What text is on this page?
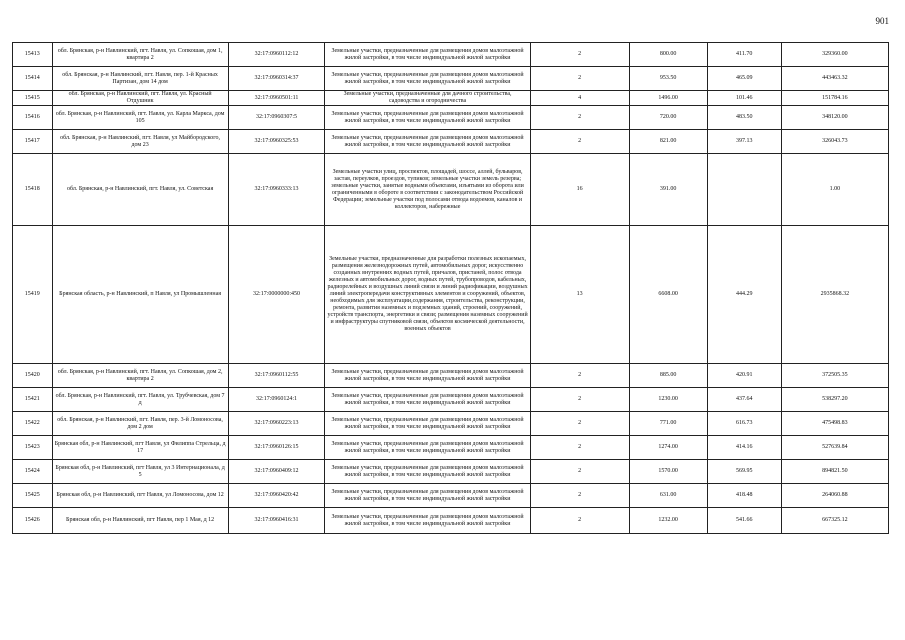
901
15413	обл. Брянская, р-н Навлинский, пгт. Навля, ул. Сопкошая, дом 1, квартира 2	32:17:0960112:12	Земельные участки, предназначенные для размещения домов малоэтажной жилой застройки, в том числе индивидуальной жилой застройки	2	800.00	411.70	329360.00
15414	обл. Брянская, р-н Навлинский, пгт. Навля, пер. 1-й Красных Партизан, дом 14 дом	32:17:0960314:37	Земельные участки, предназначенные для размещения домов малоэтажной жилой застройки, в том числе индивидуальной жилой застройки	2	953.50	465.09	443463.32
15415	обл. Брянская, р-н Навлинский, пгт. Навля, ул. Красный Отдушник	32:17:0960501:11	Земельные участки, предназначенные для дачного строительства, садоводства и огородничества	4	1496.00	101.46	151784.16
15416	обл. Брянская, р-н Навлинский, пгт. Навля, ул. Карла Маркса, дом 105	32:17:0960307:5	Земельные участки, предназначенные для размещения домов малоэтажной жилой застройки, в том числе индивидуальной жилой застройки	2	720.00	483.50	348120.00
15417	обл. Брянская, р-н Навлинский, пгт. Навля, ул Майбородского, дом 23	32:17:0960325:53	Земельные участки, предназначенные для размещения домов малоэтажной жилой застройки, в том числе индивидуальной жилой застройки	2	821.00	397.13	326043.73
15418	обл. Брянская, р-н Навлинский, пгт. Навля, ул. Советская	32:17:0960333:13	Земельные участки улиц, проспектов, площадей, шоссе, аллей, бульваров, застав, переулков, проездов, тупиков; земельные участки земель резерва; земельные участки, занятые водными объектами, изъятыми из оборота или ограниченными в обороте в соответствии с законодательством Российской Федерации; земельные участки под полосами отвода водоемов, каналов и коллекторов, набережные	16	391.00		1.00
15419	Брянская область, р-н Навлинский, п Навля, ул Промышленная	32:17:0000000:450	Земельные участки, предназначенные для разработки полезных ископаемых, размещения железнодорожных путей, автомобильных дорог, искусственно созданных внутренних водных путей, причалов, пристаней, полос отвода железных и автомобильных дорог, водных путей, трубопроводов, кабельных, радиорелейных и воздушных линий связи и линий радиофикации, воздушных линий электропередачи конструктивных элементов и сооружений, объектов, необходимых для эксплуатации,содержания, строительства, реконструкции, ремонта, развития наземных и подземных зданий, строений, сооружений, устройств транспорта, энергетики и связи; размещения наземных сооружений и инфраструктуры спутниковой связи, объектов космической деятельности, военных объектов	13	6608.00	444.29	2935868.32
15420	обл. Брянская, р-н Навлинский, пгт. Навля, ул. Сопкошая, дом 2, квартира 2	32:17:0960112:55	Земельные участки, предназначенные для размещения домов малоэтажной жилой застройки, в том числе индивидуальной жилой застройки	2	885.00	420.91	372505.35
15421	обл. Брянская, р-н Навлинский, пгт. Навля, ул. Трубчевская, дом 7 д	32:17:0960124:1	Земельные участки, предназначенные для размещения домов малоэтажной жилой застройки, в том числе индивидуальной жилой застройки	2	1230.00	437.64	538297.20
15422	обл. Брянская, р-н Навлинский, пгт. Навля, пер. 3-й Ломоносова, дом 2 дом	32:17:0960223:13	Земельные участки, предназначенные для размещения домов малоэтажной жилой застройки, в том числе индивидуальной жилой застройки	2	771.00	616.73	475498.83
15423	Брянская обл, р-н Навлинский, пгт Навля, ул Филиппа Стрельца, д 17	32:17:0960126:15	Земельные участки, предназначенные для размещения домов малоэтажной жилой застройки, в том числе индивидуальной жилой застройки	2	1274.00	414.16	527639.84
15424	Брянская обл, р-н Навлинский, пгт Навля, ул 3 Интернационала, д 5	32:17:0960409:12	Земельные участки, предназначенные для размещения домов малоэтажной жилой застройки, в том числе индивидуальной жилой застройки	2	1570.00	569.95	894821.50
15425	Брянская обл, р-н Навлинский, пгт Навля, ул Ломоносова, дом 12	32:17:0960420:42	Земельные участки, предназначенные для размещения домов малоэтажной жилой застройки, в том числе индивидуальной жилой застройки	2	631.00	418.48	264060.88
15426	Брянская обл, р-н Навлинский, пгт Навля, пер 1 Мая, д 12	32:17:0960416:31	Земельные участки, предназначенные для размещения домов малоэтажной жилой застройки, в том числе индивидуальной жилой застройки	2	1232.00	541.66	667325.12
